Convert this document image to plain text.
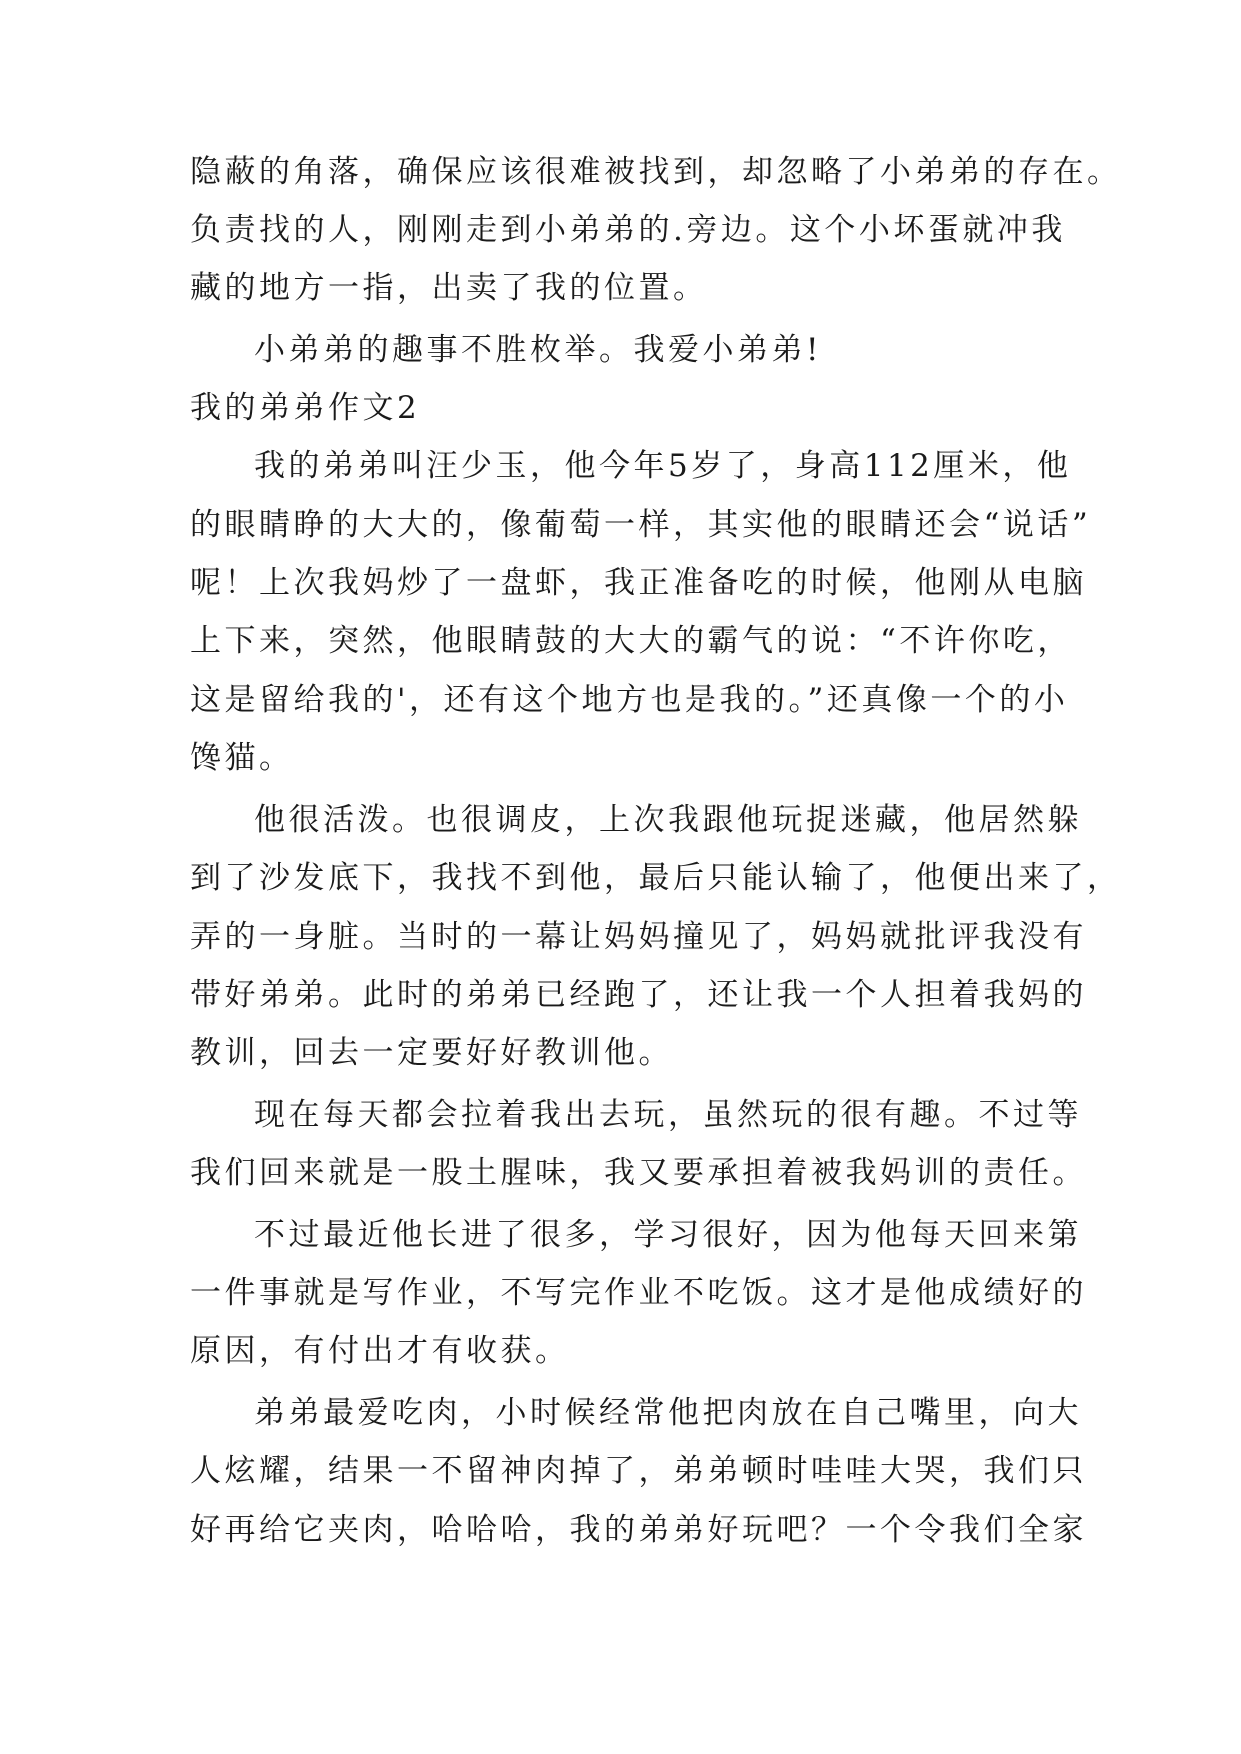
隐蔽的角落，确保应该很难被找到，却忽略了小弟弟的存在。
负责找的人，刚刚走到小弟弟的.旁边。这个小坏蛋就冲我
藏的地方一指，出卖了我的位置。
小弟弟的趣事不胜枚举。我爱小弟弟!
我的弟弟作文2
我的弟弟叫汪少玉，他今年5岁了，身高112厘米，他
的眼睛睁的大大的，像葡萄一样，其实他的眼睛还会“说话”
呢！上次我妈炒了一盘虾，我正准备吃的时候，他刚从电脑
上下来，突然，他眼睛鼓的大大的霸气的说：“不许你吃，
这是留给我的'，还有这个地方也是我的。”还真像一个的小
馋猫。
他很活泼。也很调皮，上次我跟他玩捉迷藏，他居然躲
到了沙发底下，我找不到他，最后只能认输了，他便出来了，
弄的一身脏。当时的一幕让妈妈撞见了，妈妈就批评我没有
带好弟弟。此时的弟弟已经跑了，还让我一个人担着我妈的
教训，回去一定要好好教训他。
现在每天都会拉着我出去玩，虽然玩的很有趣。不过等
我们回来就是一股土腥味，我又要承担着被我妈训的责任。
不过最近他长进了很多，学习很好，因为他每天回来第
一件事就是写作业，不写完作业不吃饭。这才是他成绩好的
原因，有付出才有收获。
弟弟最爱吃肉，小时候经常他把肉放在自己嘴里，向大
人炫耀，结果一不留神肉掉了，弟弟顿时哇哇大哭，我们只
好再给它夹肉，哈哈哈，我的弟弟好玩吧？一个令我们全家
